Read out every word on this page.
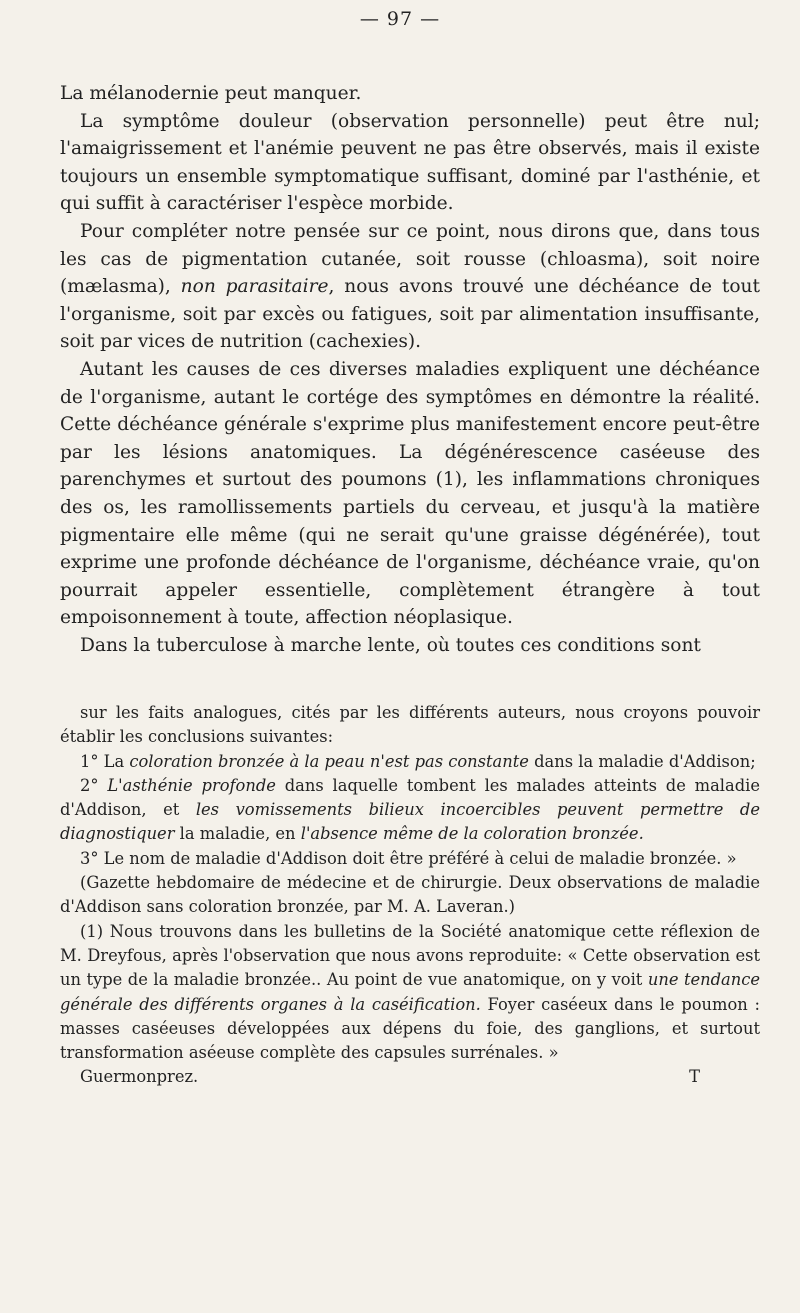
— 97 —

La mélanodernie peut manquer.

La symptôme douleur (observation personnelle) peut être nul; l'amaigrissement et l'anémie peuvent ne pas être observés, mais il existe toujours un ensemble symptomatique suffisant, dominé par l'asthénie, et qui suffit à caractériser l'espèce morbide.

Pour compléter notre pensée sur ce point, nous dirons que, dans tous les cas de pigmentation cutanée, soit rousse (chloasma), soit noire (mælasma), non parasitaire, nous avons trouvé une déchéance de tout l'organisme, soit par excès ou fatigues, soit par alimentation insuffisante, soit par vices de nutrition (cachexies).

Autant les causes de ces diverses maladies expliquent une déchéance de l'organisme, autant le cortége des symptômes en démontre la réalité. Cette déchéance générale s'exprime plus manifestement encore peut-être par les lésions anatomiques. La dégénérescence caséeuse des parenchymes et surtout des poumons (1), les inflammations chroniques des os, les ramollissements partiels du cerveau, et jusqu'à la matière pigmentaire elle même (qui ne serait qu'une graisse dégénérée), tout exprime une profonde déchéance de l'organisme, déchéance vraie, qu'on pourrait appeler essentielle, complètement étrangère à tout empoisonnement à toute, affection néoplasique.

Dans la tuberculose à marche lente, où toutes ces conditions sont

sur les faits analogues, cités par les différents auteurs, nous croyons pouvoir établir les conclusions suivantes:

1° La coloration bronzée à la peau n'est pas constante dans la maladie d'Addison;

2° L'asthénie profonde dans laquelle tombent les malades atteints de maladie d'Addison, et les vomissements bilieux incoercibles peuvent permettre de diagnostiquer la maladie, en l'absence même de la coloration bronzée.

3° Le nom de maladie d'Addison doit être préféré à celui de maladie bronzée. »

(Gazette hebdomaire de médecine et de chirurgie. Deux observations de maladie d'Addison sans coloration bronzée, par M. A. Laveran.)

(1) Nous trouvons dans les bulletins de la Société anatomique cette réflexion de M. Dreyfous, après l'observation que nous avons reproduite: « Cette observation est un type de la maladie bronzée.. Au point de vue anatomique, on y voit une tendance générale des différents organes à la caséification. Foyer caséeux dans le poumon : masses caséeuses développées aux dépens du foie, des ganglions, et surtout transformation aséeuse complète des capsules surrénales. »

Guermonprez.	T
